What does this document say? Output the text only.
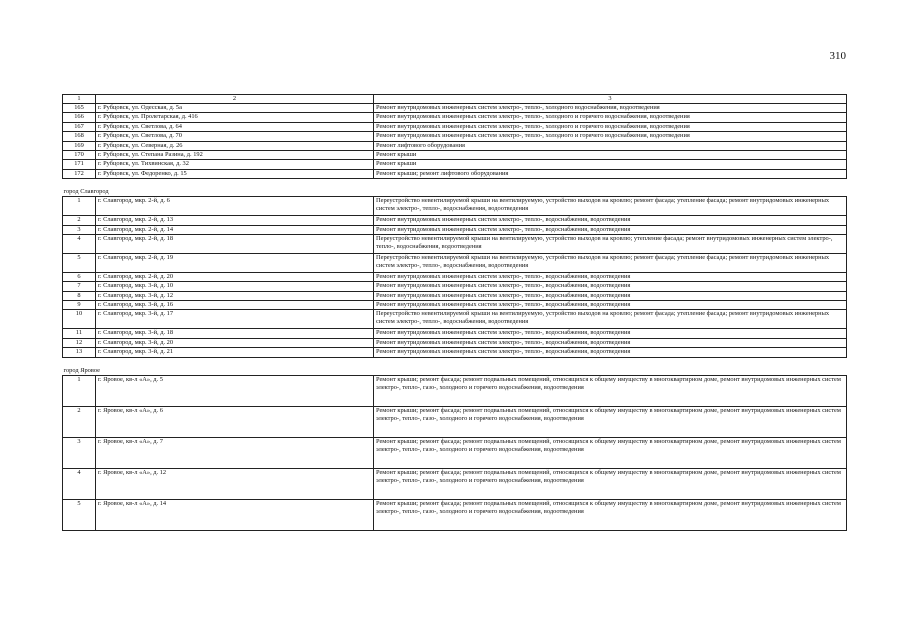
310
1	2	3
165	г. Рубцовск, ул. Одесская, д. 5а	Ремонт внутридомовых инженерных систем электро-, тепло-, холодного водоснабжения, водоотведения
166	г. Рубцовск, ул. Пролетарская, д. 416	Ремонт внутридомовых инженерных систем электро-, тепло-, холодного и горячего водоснабжения, водоотведения
167	г. Рубцовск, ул. Светлова, д. 64	Ремонт внутридомовых инженерных систем электро-, тепло-, холодного и горячего водоснабжения, водоотведения
168	г. Рубцовск, ул. Светлова, д. 70	Ремонт внутридомовых инженерных систем электро-, тепло-, холодного и горячего водоснабжения, водоотведения
169	г. Рубцовск, ул. Северная, д. 26	Ремонт лифтового оборудования
170	г. Рубцовск, ул. Степана Разина, д. 192	Ремонт крыши
171	г. Рубцовск, ул. Тихвинская, д. 32	Ремонт крыши
172	г. Рубцовск, ул. Федоренко, д. 15	Ремонт крыши; ремонт лифтового оборудования

город Славгород		
1	г. Славгород, мкр. 2-й, д. 6	Переустройство невентилируемой крыши на вентилируемую, устройство выходов на кровлю; ремонт фасада; утепление фасада; ремонт внутридомовых инженерных систем электро-, тепло-, водоснабжения, водоотведения
2	г. Славгород, мкр. 2-й, д. 13	Ремонт внутридомовых инженерных систем электро-, тепло-, водоснабжения, водоотведения
3	г. Славгород, мкр. 2-й, д. 14	Ремонт внутридомовых инженерных систем электро-, тепло-, водоснабжения, водоотведения
4	г. Славгород, мкр. 2-й, д. 18	Переустройство невентилируемой крыши на вентилируемую, устройство выходов на кровлю; утепление фасада; ремонт внутридомовых инженерных систем электро-, тепло-, водоснабжения, водоотведения
5	г. Славгород, мкр. 2-й, д. 19	Переустройство невентилируемой крыши на вентилируемую, устройство выходов на кровлю; ремонт фасада; утепление фасада; ремонт внутридомовых инженерных систем электро-, тепло-, водоснабжения, водоотведения
6	г. Славгород, мкр. 2-й, д. 20	Ремонт внутридомовых инженерных систем электро-, тепло-, водоснабжения, водоотведения
7	г. Славгород, мкр. 3-й, д. 10	Ремонт внутридомовых инженерных систем электро-, тепло-, водоснабжения, водоотведения
8	г. Славгород, мкр. 3-й, д. 12	Ремонт внутридомовых инженерных систем электро-, тепло-, водоснабжения, водоотведения
9	г. Славгород, мкр. 3-й, д. 16	Ремонт внутридомовых инженерных систем электро-, тепло-, водоснабжения, водоотведения
10	г. Славгород, мкр. 3-й, д. 17	Переустройство невентилируемой крыши на вентилируемую, устройство выходов на кровлю; ремонт фасада; утепление фасада; ремонт внутридомовых инженерных систем электро-, тепло-, водоснабжения, водоотведения
11	г. Славгород, мкр. 3-й, д. 18	Ремонт внутридомовых инженерных систем электро-, тепло-, водоснабжения, водоотведения
12	г. Славгород, мкр. 3-й, д. 20	Ремонт внутридомовых инженерных систем электро-, тепло-, водоснабжения, водоотведения
13	г. Славгород, мкр. 3-й, д. 21	Ремонт внутридомовых инженерных систем электро-, тепло-, водоснабжения, водоотведения

город Яровое		
1	г. Яровое, кв-л «А», д. 5	Ремонт крыши; ремонт фасада; ремонт подвальных помещений, относящихся к общему имуществу в многоквартирном доме, ремонт внутридомовых инженерных систем электро-, тепло-, газо-, холодного и горячего водоснабжения, водоотведения
2	г. Яровое, кв-л «А», д. 6	Ремонт крыши; ремонт фасада; ремонт подвальных помещений, относящихся к общему имуществу в многоквартирном доме, ремонт внутридомовых инженерных систем электро-, тепло-, газо-, холодного и горячего водоснабжения, водоотведения
3	г. Яровое, кв-л «А», д. 7	Ремонт крыши; ремонт фасада; ремонт подвальных помещений, относящихся к общему имуществу в многоквартирном доме, ремонт внутридомовых инженерных систем электро-, тепло-, газо-, холодного и горячего водоснабжения, водоотведения
4	г. Яровое, кв-л «А», д. 12	Ремонт крыши; ремонт фасада; ремонт подвальных помещений, относящихся к общему имуществу в многоквартирном доме, ремонт внутридомовых инженерных систем электро-, тепло-, газо-, холодного и горячего водоснабжения, водоотведения
5	г. Яровое, кв-л «А», д. 14	Ремонт крыши; ремонт фасада; ремонт подвальных помещений, относящихся к общему имуществу в многоквартирном доме, ремонт внутридомовых инженерных систем электро-, тепло-, газо-, холодного и горячего водоснабжения, водоотведения
